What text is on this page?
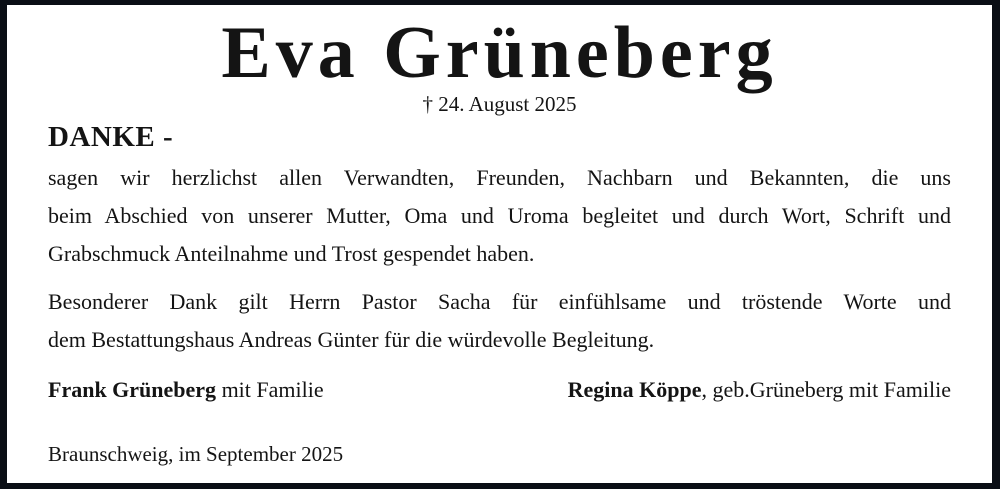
Eva Grüneberg
† 24. August 2025
DANKE -
sagen wir herzlichst allen Verwandten, Freunden, Nachbarn und Bekannten, die uns
beim Abschied von unserer Mutter, Oma und Uroma begleitet und durch Wort, Schrift und
Grabschmuck Anteilnahme und Trost gespendet haben.
Besonderer Dank gilt Herrn Pastor Sacha für einfühlsame und tröstende Worte und
dem Bestattungshaus Andreas Günter für die würdevolle Begleitung.
Frank Grüneberg mit Familie	Regina Köppe, geb.Grüneberg mit Familie
Braunschweig, im September 2025
